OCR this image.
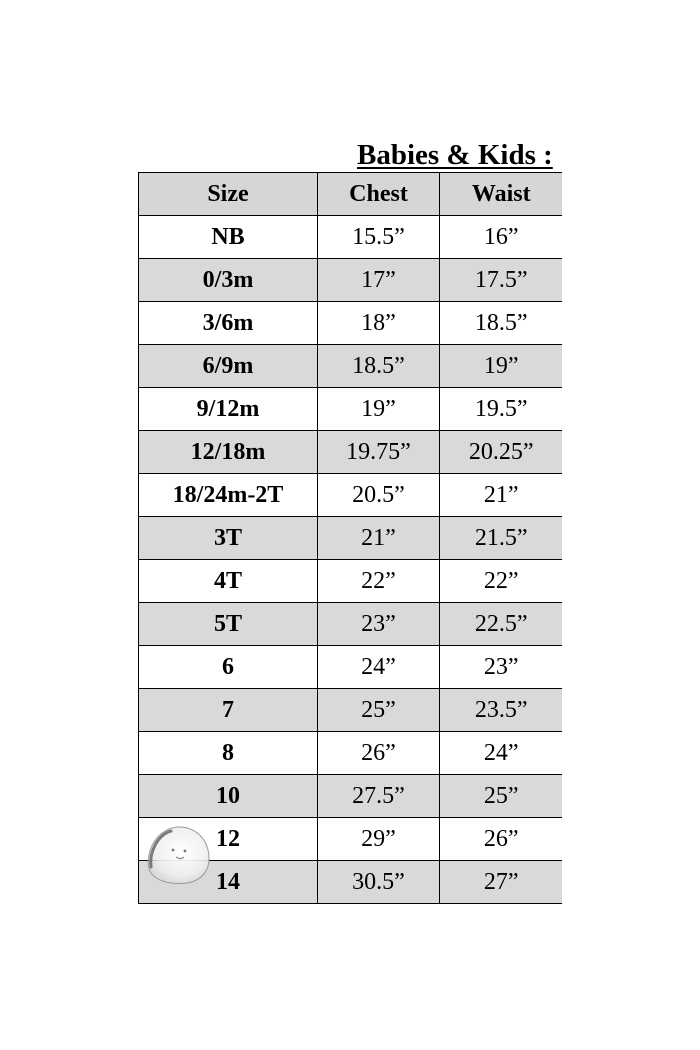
Babies & Kids :
Size	Chest	Waist
NB	15.5”	16”
0/3m	17”	17.5”
3/6m	18”	18.5”
6/9m	18.5”	19”
9/12m	19”	19.5”
12/18m	19.75”	20.25”
18/24m-2T	20.5”	21”
3T	21”	21.5”
4T	22”	22”
5T	23”	22.5”
6	24”	23”
7	25”	23.5”
8	26”	24”
10	27.5”	25”
12	29”	26”
14	30.5”	27”
